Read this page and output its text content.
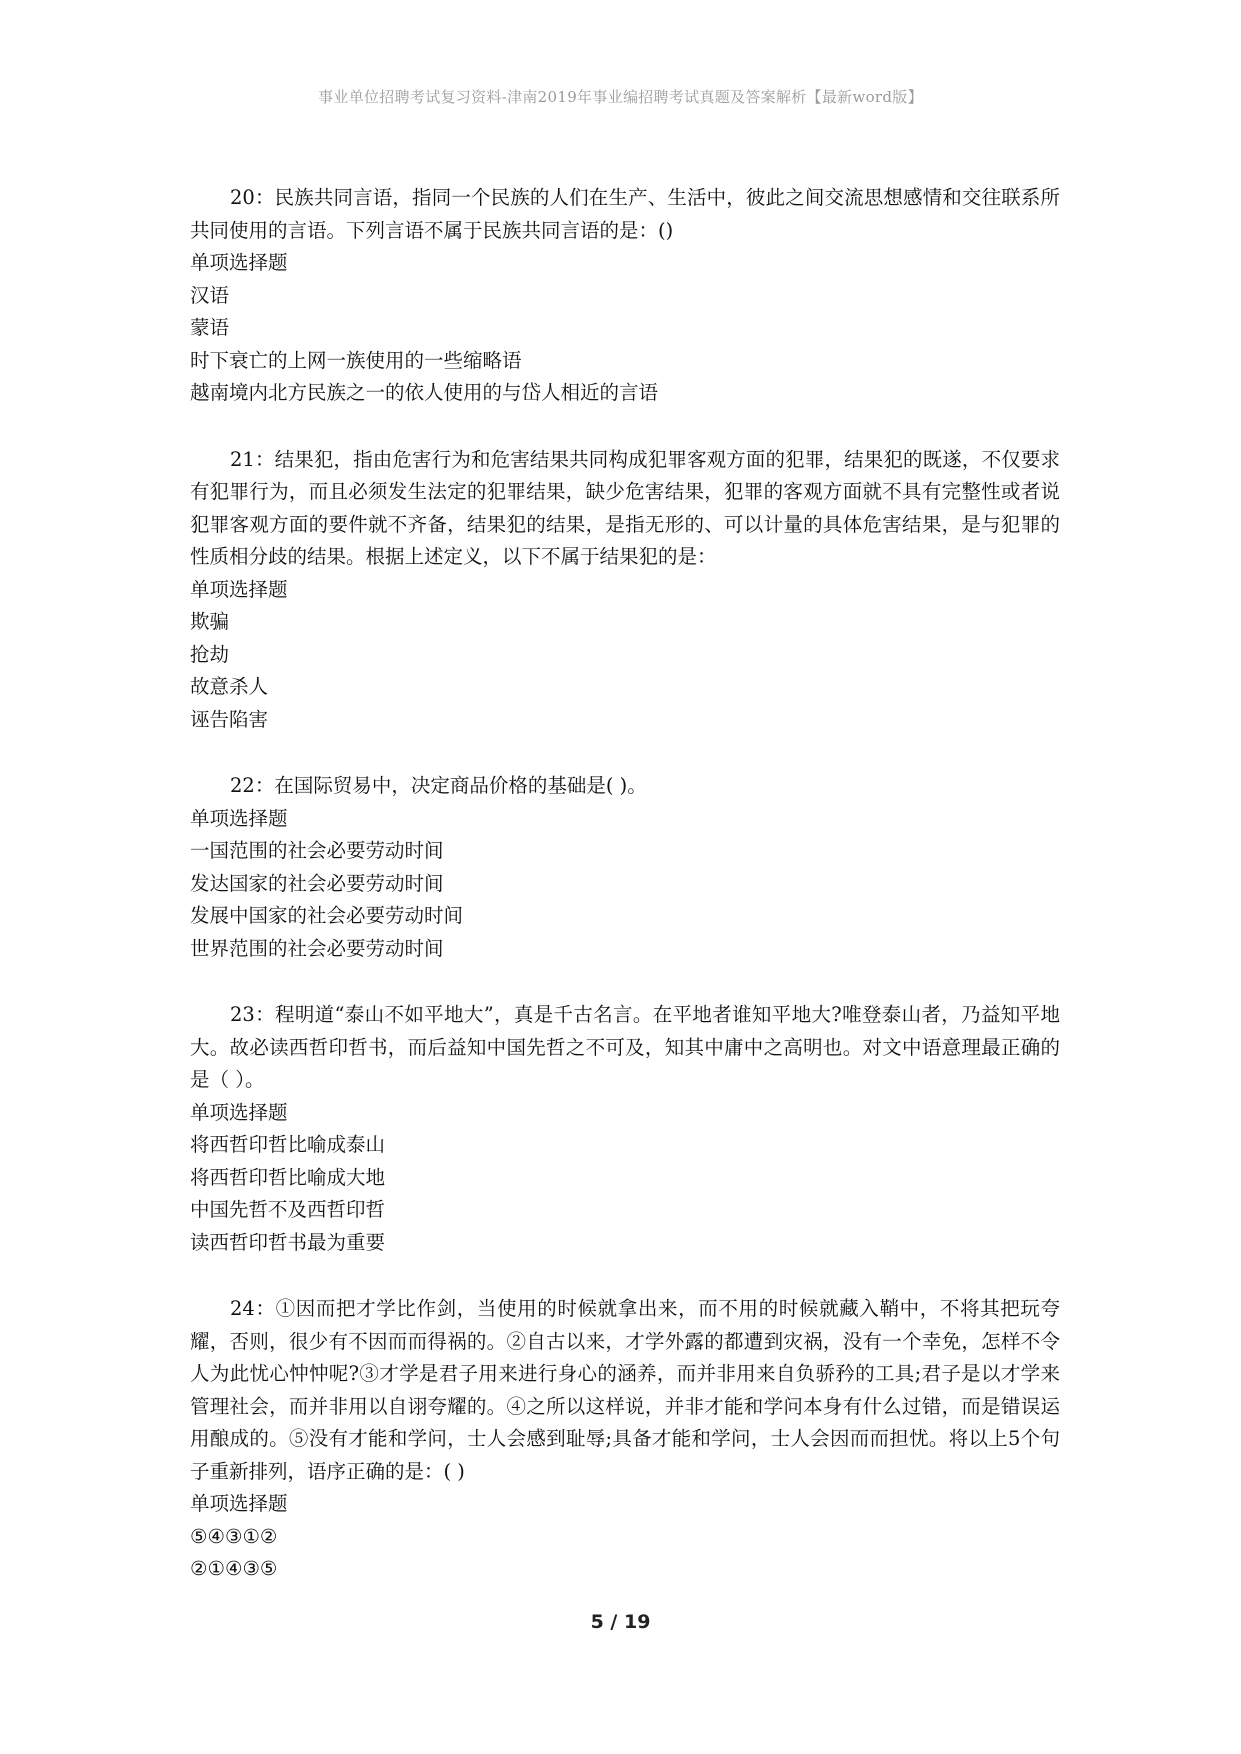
事业单位招聘考试复习资料-津南2019年事业编招聘考试真题及答案解析【最新word版】

20：民族共同言语，指同一个民族的人们在生产、生活中，彼此之间交流思想感情和交往联系所共同使用的言语。下列言语不属于民族共同言语的是：()

单项选择题

汉语

蒙语

时下衰亡的上网一族使用的一些缩略语

越南境内北方民族之一的依人使用的与岱人相近的言语

21：结果犯，指由危害行为和危害结果共同构成犯罪客观方面的犯罪，结果犯的既遂，不仅要求有犯罪行为，而且必须发生法定的犯罪结果，缺少危害结果，犯罪的客观方面就不具有完整性或者说犯罪客观方面的要件就不齐备，结果犯的结果，是指无形的、可以计量的具体危害结果，是与犯罪的性质相分歧的结果。根据上述定义，以下不属于结果犯的是：

单项选择题

欺骗

抢劫

故意杀人

诬告陷害

22：在国际贸易中，决定商品价格的基础是( )。

单项选择题

一国范围的社会必要劳动时间

发达国家的社会必要劳动时间

发展中国家的社会必要劳动时间

世界范围的社会必要劳动时间

23：程明道“泰山不如平地大”，真是千古名言。在平地者谁知平地大?唯登泰山者，乃益知平地大。故必读西哲印哲书，而后益知中国先哲之不可及，知其中庸中之高明也。对文中语意理最正确的是（ ）。

单项选择题

将西哲印哲比喻成泰山

将西哲印哲比喻成大地

中国先哲不及西哲印哲

读西哲印哲书最为重要

24：①因而把才学比作剑，当使用的时候就拿出来，而不用的时候就藏入鞘中，不将其把玩夸耀，否则，很少有不因而而得祸的。②自古以来，才学外露的都遭到灾祸，没有一个幸免，怎样不令人为此忧心忡忡呢?③才学是君子用来进行身心的涵养，而并非用来自负骄矜的工具;君子是以才学来管理社会，而并非用以自诩夸耀的。④之所以这样说，并非才能和学问本身有什么过错，而是错误运用酿成的。⑤没有才能和学问，士人会感到耻辱;具备才能和学问，士人会因而而担忧。将以上5个句子重新排列，语序正确的是：( )

单项选择题

⑤④③①②

②①④③⑤

5 / 19
